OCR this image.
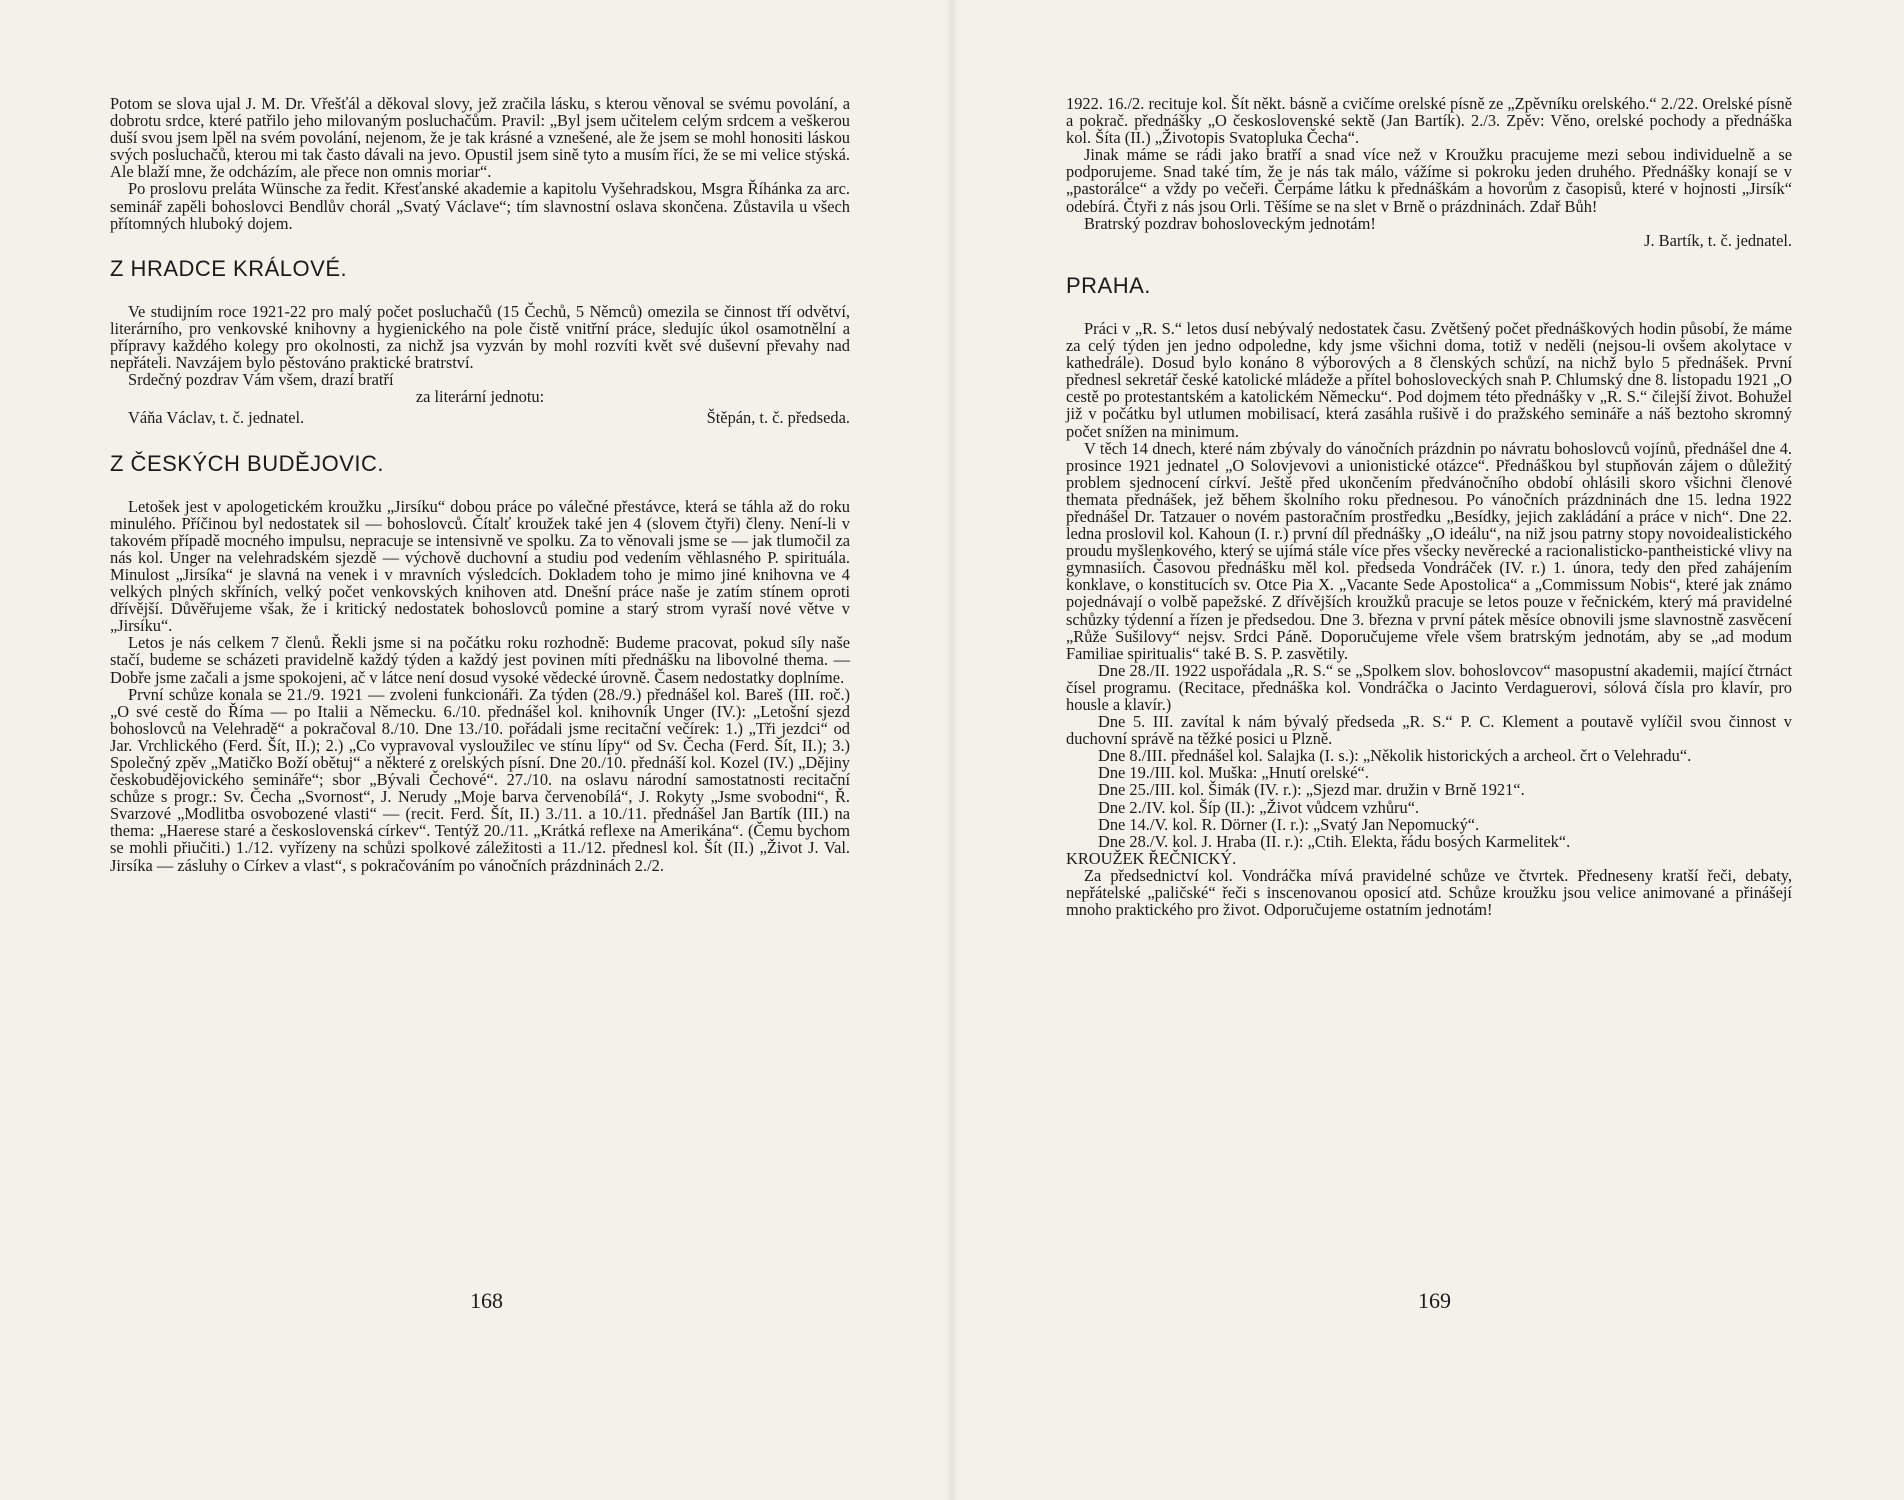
Potom se slova ujal J. M. Dr. Vřešťál a děkoval slovy, jež zračila lásku, s kterou věnoval se svému povolání, a dobrotu srdce, které patřilo jeho milovaným posluchačům. Pravil: „Byl jsem učitelem celým srdcem a veškerou duší svou jsem lpěl na svém povolání, nejenom, že je tak krásné a vznešené, ale že jsem se mohl honositi láskou svých posluchačů, kterou mi tak často dávali na jevo. Opustil jsem sině tyto a musím říci, že se mi velice stýská. Ale blaží mne, že odcházím, ale přece non omnis moriar“.

Po proslovu preláta Wünsche za ředit. Křesťanské akademie a kapitolu Vyšehradskou, Msgra Říhánka za arc. seminář zapěli bohoslovci Bendlův chorál „Svatý Václave“; tím slavnostní oslava skončena. Zůstavila u všech přítomných hluboký dojem.

Z HRADCE KRÁLOVÉ.

Ve studijním roce 1921-22 pro malý počet posluchačů (15 Čechů, 5 Němců) omezila se činnost tří odvětví, literárního, pro venkovské knihovny a hygienického na pole čistě vnitřní práce, sledujíc úkol osamotnělní a přípravy každého kolegy pro okolnosti, za nichž jsa vyzván by mohl rozvíti květ své duševní převahy nad nepřáteli. Navzájem bylo pěstováno praktické bratrství.

Srdečný pozdrav Vám všem, drazí bratří

za literární jednotu:

Váňa Václav, t. č. jednatel.	Štěpán, t. č. předseda.
Z ČESKÝCH BUDĚJOVIC.

Letošek jest v apologetickém kroužku „Jirsíku“ dobou práce po válečné přestávce, která se táhla až do roku minulého. Příčinou byl nedostatek sil — bohoslovců. Čítalť kroužek také jen 4 (slovem čtyři) členy. Není-li v takovém případě mocného impulsu, nepracuje se intensivně ve spolku. Za to věnovali jsme se — jak tlumočil za nás kol. Unger na velehradském sjezdě — výchově duchovní a studiu pod vedením věhlasného P. spirituála. Minulost „Jirsíka“ je slavná na venek i v mravních výsledcích. Dokladem toho je mimo jiné knihovna ve 4 velkých plných skříních, velký počet venkovských knihoven atd. Dnešní práce naše je zatím stínem oproti dřívější. Důvěřujeme však, že i kritický nedostatek bohoslovců pomine a starý strom vyraší nové větve v „Jirsíku“.

Letos je nás celkem 7 členů. Řekli jsme si na počátku roku rozhodně: Budeme pracovat, pokud síly naše stačí, budeme se scházeti pravidelně každý týden a každý jest povinen míti přednášku na libovolné thema. — Dobře jsme začali a jsme spokojeni, ač v látce není dosud vysoké vědecké úrovně. Časem nedostatky doplníme.

První schůze konala se 21./9. 1921 — zvoleni funkcionáři. Za týden (28./9.) přednášel kol. Bareš (III. roč.) „O své cestě do Říma — po Italii a Německu. 6./10. přednášel kol. knihovník Unger (IV.): „Letošní sjezd bohoslovců na Velehradě“ a pokračoval 8./10. Dne 13./10. pořádali jsme recitační večírek: 1.) „Tři jezdci“ od Jar. Vrchlického (Ferd. Šít, II.); 2.) „Co vypravoval vysloužilec ve stínu lípy“ od Sv. Čecha (Ferd. Šít, II.); 3.) Společný zpěv „Matičko Boží obětuj“ a některé z orelských písní. Dne 20./10. přednáší kol. Kozel (IV.) „Dějiny českobudějovického semináře“; sbor „Bývali Čechové“. 27./10. na oslavu národní samostatnosti recitační schůze s progr.: Sv. Čecha „Svornost“, J. Nerudy „Moje barva červenobílá“, J. Rokyty „Jsme svobodni“, Ř. Svarzové „Modlitba osvobozené vlasti“ — (recit. Ferd. Šít, II.) 3./11. a 10./11. přednášel Jan Bartík (III.) na thema: „Haerese staré a československá církev“. Tentýž 20./11. „Krátká reflexe na Amerikána“. (Čemu bychom se mohli přiučiti.) 1./12. vyřízeny na schůzi spolkové záležitosti a 11./12. přednesl kol. Šít (II.) „Život J. Val. Jirsíka — zásluhy o Církev a vlast“, s pokračováním po vánočních prázdninách 2./2.

168

1922. 16./2. recituje kol. Šít někt. básně a cvičíme orelské písně ze „Zpěvníku orelského.“ 2./22. Orelské písně a pokrač. přednášky „O československé sektě (Jan Bartík). 2./3. Zpěv: Věno, orelské pochody a přednáška kol. Šíta (II.) „Životopis Svatopluka Čecha“.

Jinak máme se rádi jako bratří a snad více než v Kroužku pracujeme mezi sebou individuelně a se podporujeme. Snad také tím, že je nás tak málo, vážíme si pokroku jeden druhého. Přednášky konají se v „pastorálce“ a vždy po večeři. Čerpáme látku k přednáškám a hovorům z časopisů, které v hojnosti „Jirsík“ odebírá. Čtyři z nás jsou Orli. Těšíme se na slet v Brně o prázdninách. Zdař Bůh!

Bratrský pozdrav bohosloveckým jednotám!

J. Bartík, t. č. jednatel.

PRAHA.

Práci v „R. S.“ letos dusí nebývalý nedostatek času. Zvětšený počet přednáškových hodin působí, že máme za celý týden jen jedno odpoledne, kdy jsme všichni doma, totiž v neděli (nejsou-li ovšem akolytace v kathedrále). Dosud bylo konáno 8 výborových a 8 členských schůzí, na nichž bylo 5 přednášek. První přednesl sekretář české katolické mládeže a přítel bohosloveckých snah P. Chlumský dne 8. listopadu 1921 „O cestě po protestantském a katolickém Německu“. Pod dojmem této přednášky v „R. S.“ čilejší život. Bohužel již v počátku byl utlumen mobilisací, která zasáhla rušivě i do pražského semináře a náš beztoho skromný počet snížen na minimum.

V těch 14 dnech, které nám zbývaly do vánočních prázdnin po návratu bohoslovců vojínů, přednášel dne 4. prosince 1921 jednatel „O Solovjevovi a unionistické otázce“. Přednáškou byl stupňován zájem o důležitý problem sjednocení církví. Ještě před ukončením předvánočního období ohlásili skoro všichni členové themata přednášek, jež během školního roku přednesou. Po vánočních prázdninách dne 15. ledna 1922 přednášel Dr. Tatzauer o novém pastoračním prostředku „Besídky, jejich zakládání a práce v nich“. Dne 22. ledna proslovil kol. Kahoun (I. r.) první díl přednášky „O ideálu“, na niž jsou patrny stopy novoidealistického proudu myšlenkového, který se ujímá stále více přes všecky nevěrecké a racionalisticko-pantheistické vlivy na gymnasiích. Časovou přednášku měl kol. předseda Vondráček (IV. r.) 1. února, tedy den před zahájením konklave, o konstitucích sv. Otce Pia X. „Vacante Sede Apostolica“ a „Commissum Nobis“, které jak známo pojednávají o volbě papežské. Z dřívějších kroužků pracuje se letos pouze v řečnickém, který má pravidelné schůzky týdenní a řízen je předsedou. Dne 3. března v první pátek měsíce obnovili jsme slavnostně zasvěcení „Růže Sušilovy“ nejsv. Srdci Páně. Doporučujeme vřele všem bratrským jednotám, aby se „ad modum Familiae spiritualis“ také B. S. P. zasvětily.

Dne 28./II. 1922 uspořádala „R. S.“ se „Spolkem slov. bohoslovcov“ masopustní akademii, mající čtrnáct čísel programu. (Recitace, přednáška kol. Vondráčka o Jacinto Verdaguerovi, sólová čísla pro klavír, pro housle a klavír.)

Dne 5. III. zavítal k nám bývalý předseda „R. S.“ P. C. Klement a poutavě vylíčil svou činnost v duchovní správě na těžké posici u Plzně.

Dne 8./III. přednášel kol. Salajka (I. s.): „Několik historických a archeol. črt o Velehradu“.

Dne 19./III. kol. Muška: „Hnutí orelské“.

Dne 25./III. kol. Šimák (IV. r.): „Sjezd mar. družin v Brně 1921“.

Dne 2./IV. kol. Šíp (II.): „Život vůdcem vzhůru“.

Dne 14./V. kol. R. Dörner (I. r.): „Svatý Jan Nepomucký“.

Dne 28./V. kol. J. Hraba (II. r.): „Ctih. Elekta, řádu bosých Karmelitek“.

KROUŽEK ŘEČNICKÝ.

Za předsednictví kol. Vondráčka mívá pravidelné schůze ve čtvrtek. Předneseny kratší řeči, debaty, nepřátelské „paličské“ řeči s inscenovanou oposicí atd. Schůze kroužku jsou velice animované a přinášejí mnoho praktického pro život. Odporučujeme ostatním jednotám!

169
